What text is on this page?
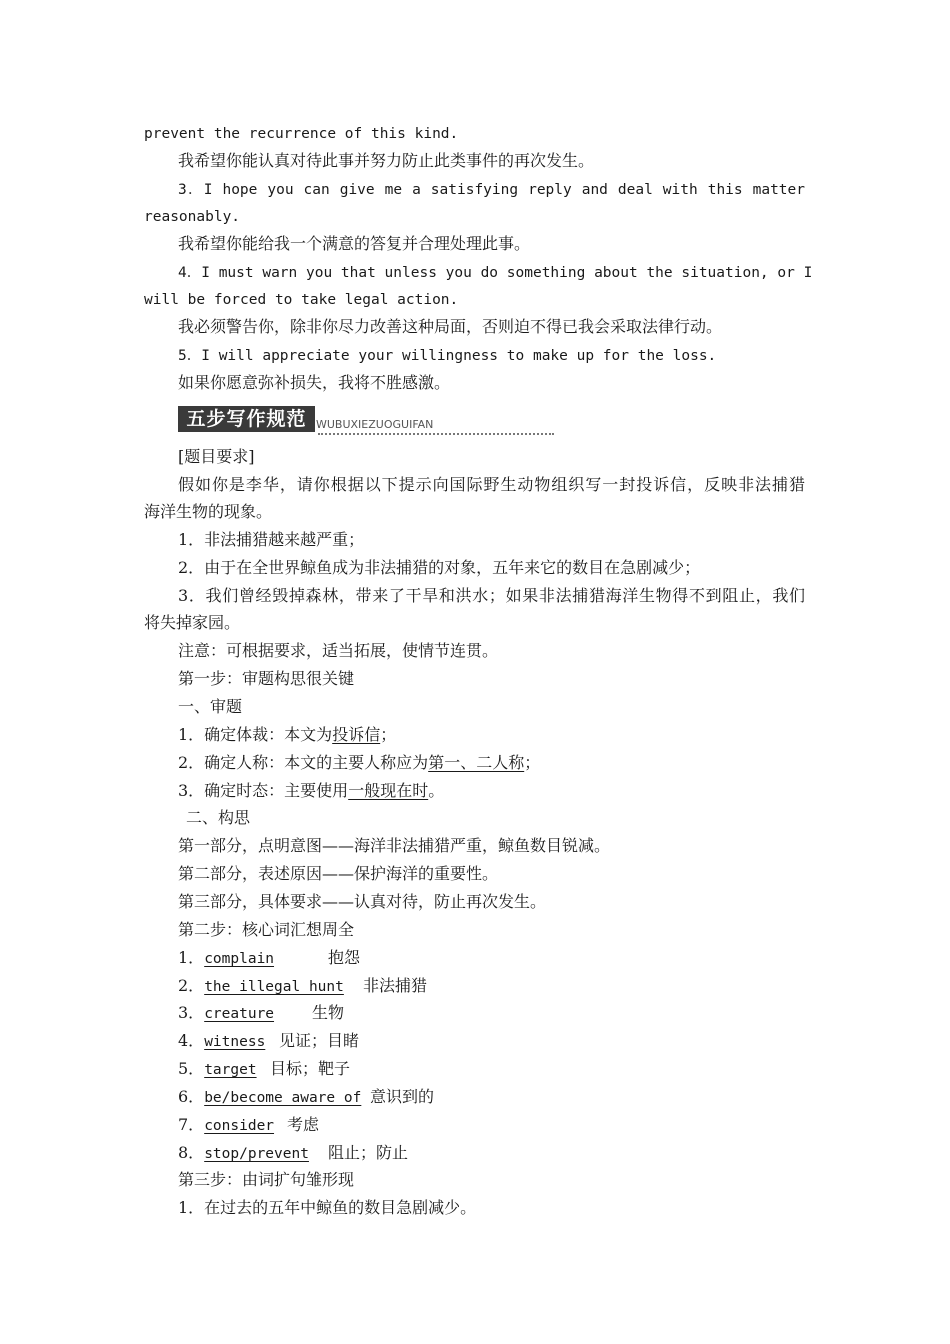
prevent the recurrence of this kind.
我希望你能认真对待此事并努力防止此类事件的再次发生。
3．I hope you can give me a satisfying reply and deal with this matter
reasonably.
我希望你能给我一个满意的答复并合理处理此事。
4．I must warn you that unless you do something about the situation, or I
will be forced to take legal action.
我必须警告你，除非你尽力改善这种局面，否则迫不得已我会采取法律行动。
5．I will appreciate your willingness to make up for the loss.
如果你愿意弥补损失，我将不胜感激。
五步写作规范 WUBUXIEZUOGUIFAN
[题目要求]
假如你是李华，请你根据以下提示向国际野生动物组织写一封投诉信，反映非法捕猎
海洋生物的现象。
1．非法捕猎越来越严重；
2．由于在全世界鲸鱼成为非法捕猎的对象，五年来它的数目在急剧减少；
3．我们曾经毁掉森林，带来了干旱和洪水；如果非法捕猎海洋生物得不到阻止，我们
将失掉家园。
注意：可根据要求，适当拓展，使情节连贯。
第一步：审题构思很关键
一、审题
1．确定体裁：本文为投诉信；
2．确定人称：本文的主要人称应为第一、二人称；
3．确定时态：主要使用一般现在时。
二、构思
第一部分，点明意图——海洋非法捕猎严重，鲸鱼数目锐减。
第二部分，表述原因——保护海洋的重要性。
第三部分，具体要求——认真对待，防止再次发生。
第二步：核心词汇想周全
1．complain	抱怨
2．the illegal hunt 非法捕猎
3．creature 生物
4．witness 见证；目睹
5．target 目标；靶子
6．be/become aware of 意识到的
7．consider 考虑
8．stop/prevent 阻止；防止
第三步：由词扩句雏形现
1．在过去的五年中鲸鱼的数目急剧减少。
